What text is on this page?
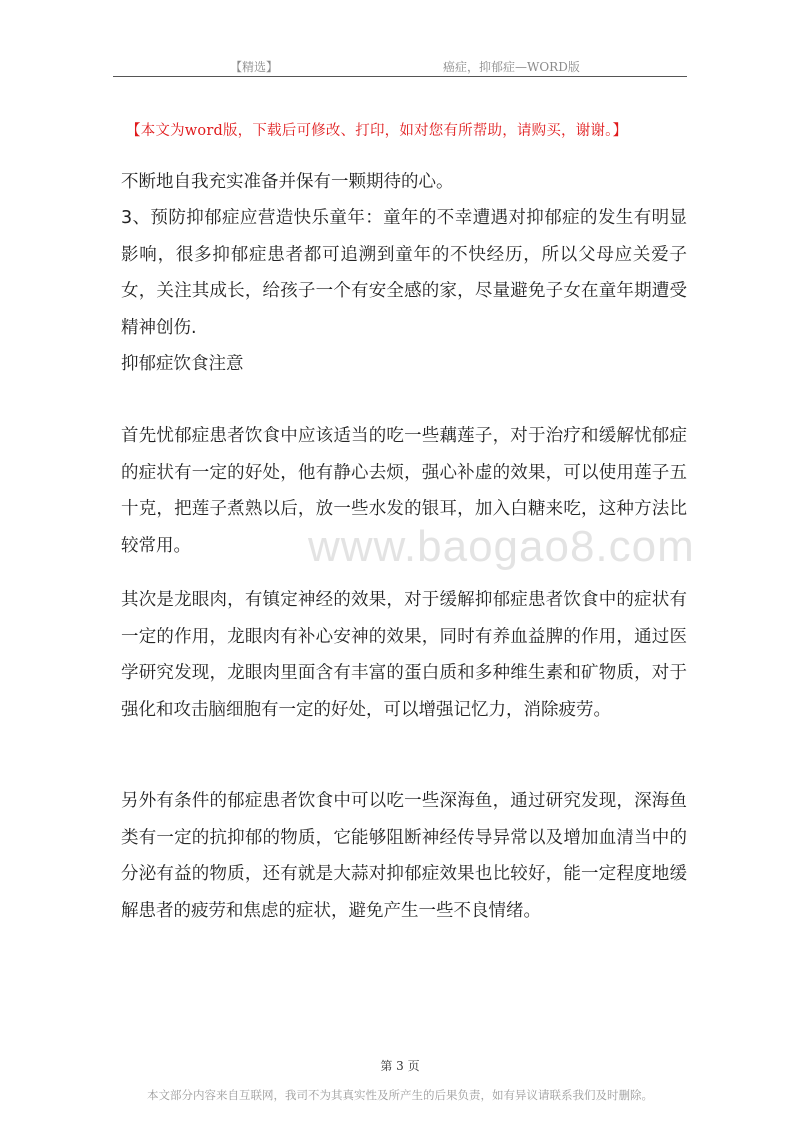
【精选】	癌症，抑郁症—WORD版
【本文为word版，下载后可修改、打印，如对您有所帮助，请购买，谢谢。】
不断地自我充实准备并保有一颗期待的心。
3、预防抑郁症应营造快乐童年：童年的不幸遭遇对抑郁症的发生有明显影响，很多抑郁症患者都可追溯到童年的不快经历，所以父母应关爱子女，关注其成长，给孩子一个有安全感的家，尽量避免子女在童年期遭受精神创伤.
抑郁症饮食注意
首先忧郁症患者饮食中应该适当的吃一些藕莲子，对于治疗和缓解忧郁症的症状有一定的好处，他有静心去烦，强心补虚的效果，可以使用莲子五十克，把莲子煮熟以后，放一些水发的银耳，加入白糖来吃，这种方法比较常用。
其次是龙眼肉，有镇定神经的效果，对于缓解抑郁症患者饮食中的症状有一定的作用，龙眼肉有补心安神的效果，同时有养血益脾的作用，通过医学研究发现，龙眼肉里面含有丰富的蛋白质和多种维生素和矿物质，对于强化和攻击脑细胞有一定的好处，可以增强记忆力，消除疲劳。
另外有条件的郁症患者饮食中可以吃一些深海鱼，通过研究发现，深海鱼类有一定的抗抑郁的物质，它能够阻断神经传导异常以及增加血清当中的分泌有益的物质，还有就是大蒜对抑郁症效果也比较好，能一定程度地缓解患者的疲劳和焦虑的症状，避免产生一些不良情绪。
www.baogao8.com
第 3 页
本文部分内容来自互联网，我司不为其真实性及所产生的后果负责，如有异议请联系我们及时删除。
